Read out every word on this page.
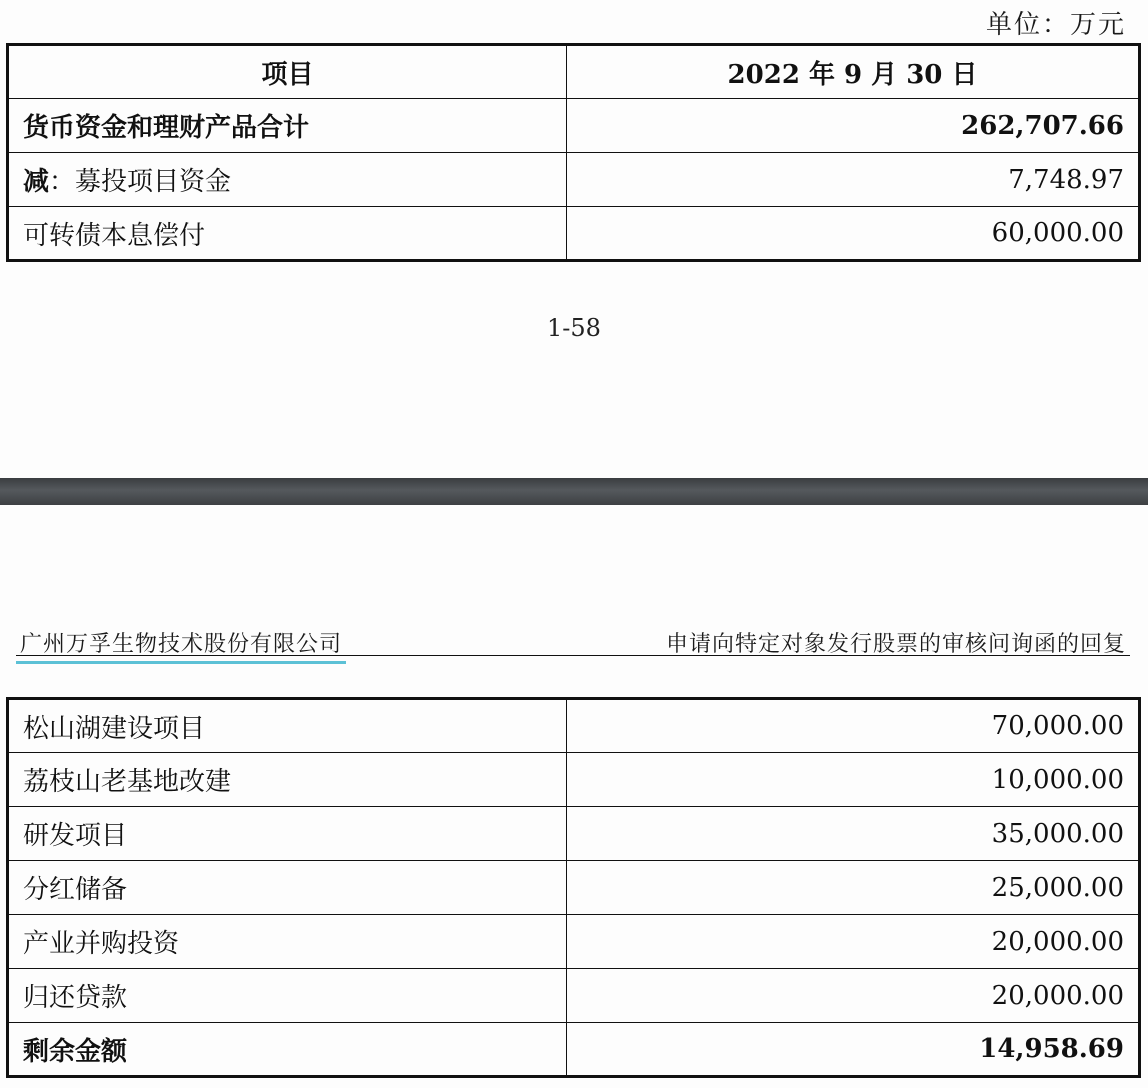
单位：万元
项目	2022 年 9 月 30 日
货币资金和理财产品合计	262,707.66
减：募投项目资金	7,748.97
可转债本息偿付	60,000.00
1-58
广州万孚生物技术股份有限公司	申请向特定对象发行股票的审核问询函的回复
松山湖建设项目	70,000.00
荔枝山老基地改建	10,000.00
研发项目	35,000.00
分红储备	25,000.00
产业并购投资	20,000.00
归还贷款	20,000.00
剩余金额	14,958.69
